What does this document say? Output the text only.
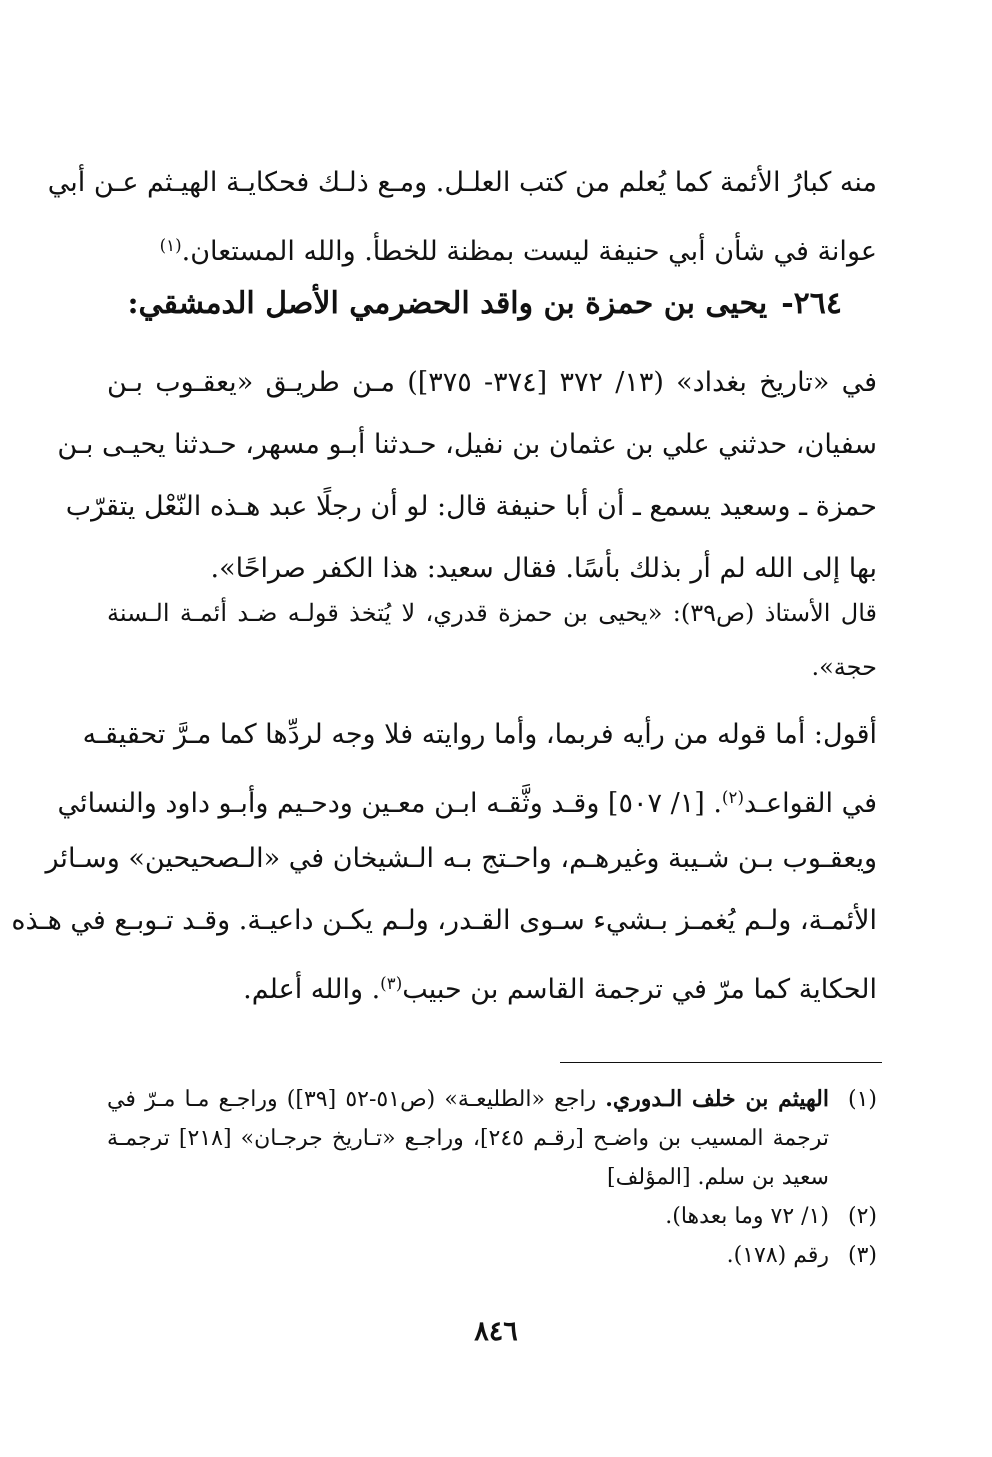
منه كبارُ الأئمة كما يُعلم من كتب العلـل. ومـع ذلـك فحكايـة الهيـثم عـن أبي
عوانة في شأن أبي حنيفة ليست بمظنة للخطأ. والله المستعان.$^{(١)}$
٢٦٤-يحيى بن حمزة بن واقد الحضرمي الأصل الدمشقي:
في «تاريخ بغداد» (١٣/ ٣٧٢ [٣٧٤- ٣٧٥]) مـن طريـق «يعقـوب بـن
سفيان، حدثني علي بن عثمان بن نفيل، حـدثنا أبـو مسهر، حـدثنا يحيـى بـن
حمزة ـ وسعيد يسمع ـ أن أبا حنيفة قال: لو أن رجلًا عبد هـذه النّعْل يتقرّب
بها إلى الله لم أر بذلك بأسًا. فقال سعيد: هذا الكفر صراحًا».
قال الأستاذ (ص٣٩): «يحيى بن حمزة قدري، لا يُتخذ قولـه ضـد أئمـة الـسنة
حجة».
أقول: أما قوله من رأيه فربما، وأما روايته فلا وجه لردِّها كما مـرَّ تحقيقـه
في القواعـد$^{(٢)}$. [١/ ٥٠٧] وقـد وثَّقـه ابـن معـين ودحـيم وأبـو داود والنسائي
ويعقـوب بـن شـيبة وغيرهـم، واحـتج بـه الـشيخان في «الـصحيحين» وسـائر
الأئمـة، ولـم يُغمـز بـشيء سـوى القـدر، ولـم يكـن داعيـة. وقـد تـوبـع في هـذه
الحكاية كما مرّ في ترجمة القاسم بن حبيب$^{(٣)}$. والله أعلم.
(١)
الهيثم بن خلف الـدوري. راجع «الطليعـة» (ص٥١-٥٢ [٣٩]) وراجـع مـا مـرّ في
ترجمة المسيب بن واضـح [رقـم ٢٤٥]، وراجـع «تـاريخ جرجـان» [٢١٨] ترجمـة
سعيد بن سلم. [المؤلف]
(٢)
(١/ ٧٢ وما بعدها).
(٣)
رقم (١٧٨).
٨٤٦
